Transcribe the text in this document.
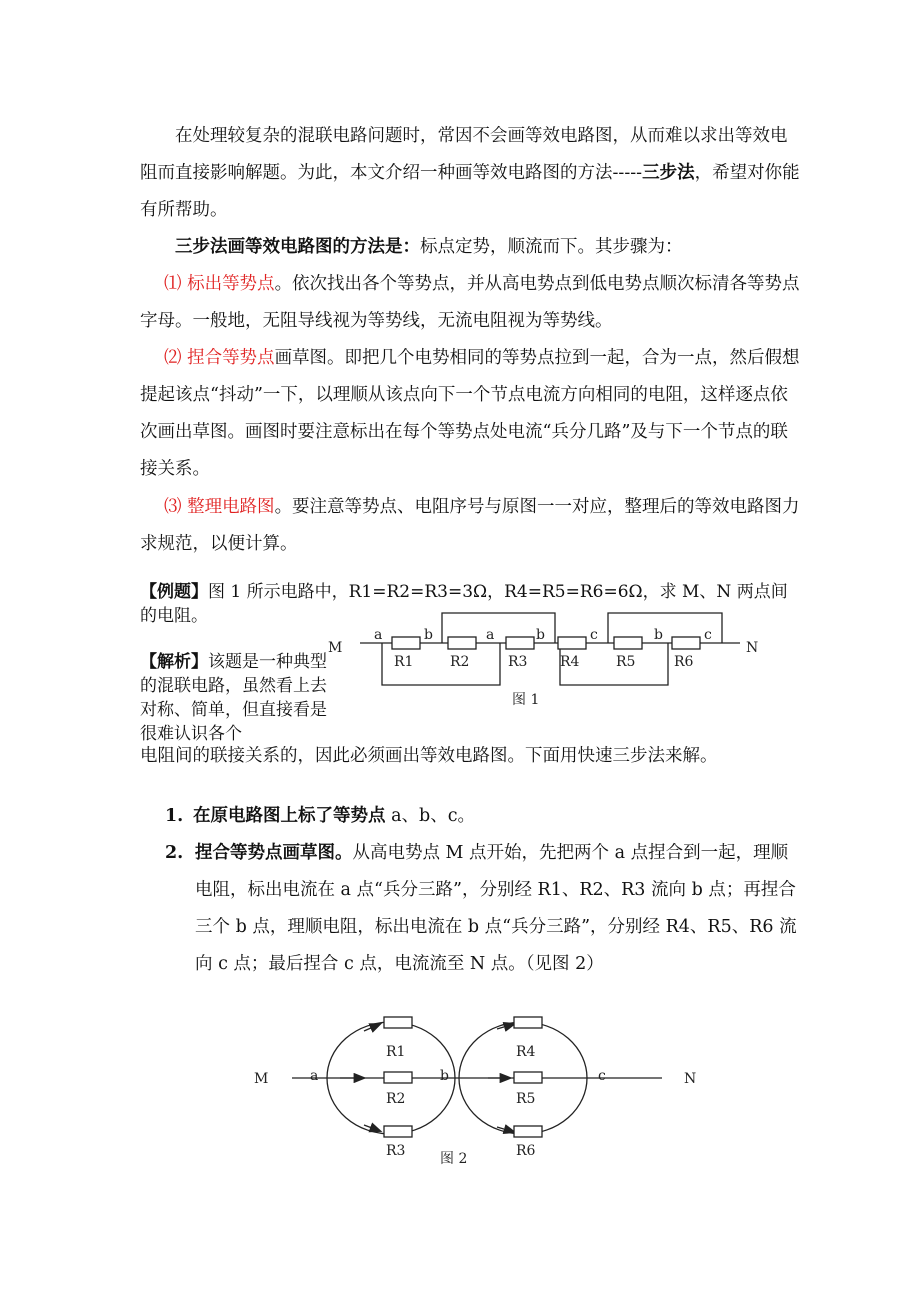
在处理较复杂的混联电路问题时，常因不会画等效电路图，从而难以求出等效电阻而直接影响解题。为此，本文介绍一种画等效电路图的方法-----三步法，希望对你能有所帮助。

三步法画等效电路图的方法是：标点定势，顺流而下。其步骤为：

⑴ 标出等势点。依次找出各个等势点，并从高电势点到低电势点顺次标清各等势点字母。一般地，无阻导线视为等势线，无流电阻视为等势线。

⑵ 捏合等势点画草图。即把几个电势相同的等势点拉到一起，合为一点，然后假想提起该点“抖动”一下，以理顺从该点向下一个节点电流方向相同的电阻，这样逐点依次画出草图。画图时要注意标出在每个等势点处电流“兵分几路”及与下一个节点的联接关系。

⑶ 整理电路图。要注意等势点、电阻序号与原图一一对应，整理后的等效电路图力求规范，以便计算。

【例题】图 1 所示电路中，R1=R2=R3=3Ω，R4=R5=R6=6Ω，求 M、N 两点间的电阻。

【解析】该题是一种典型的混联电路，虽然看上去对称、简单，但直接看是很难认识各个

电阻间的联接关系的，因此必须画出等效电路图。下面用快速三步法来解。

M	N
a	b	a	b	c	b	c
R1	R2	R3 R4	R5	R6
图 1

1. 在原电路图上标了等势点 a、b、c。

2. 捏合等势点画草图。从高电势点 M 点开始，先把两个 a 点捏合到一起，理顺电阻，标出电流在 a 点“兵分三路”，分别经 R1、R2、R3 流向 b 点；再捏合三个 b 点，理顺电阻，标出电流在 b 点“兵分三路”，分别经 R4、R5、R6 流向 c 点；最后捏合 c 点，电流流至 N 点。（见图 2）

M	N
a	b	c
R1
R2
R3
R4
R5
R6
图 2
